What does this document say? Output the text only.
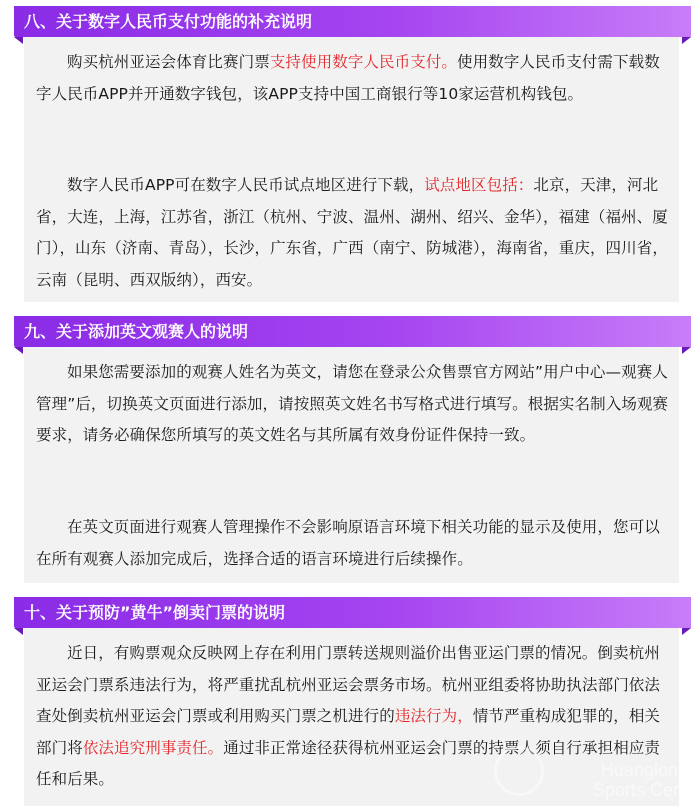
八、关于数字人民币支付功能的补充说明

购买杭州亚运会体育比赛门票支持使用数字人民币支付。使用数字人民币支付需下载数字人民币APP并开通数字钱包，该APP支持中国工商银行等10家运营机构钱包。

数字人民币APP可在数字人民币试点地区进行下载，试点地区包括：北京，天津，河北省，大连，上海，江苏省，浙江（杭州、宁波、温州、湖州、绍兴、金华），福建（福州、厦门），山东（济南、青岛），长沙，广东省，广西（南宁、防城港），海南省，重庆，四川省，云南（昆明、西双版纳），西安。

九、关于添加英文观赛人的说明

如果您需要添加的观赛人姓名为英文，请您在登录公众售票官方网站”用户中心—观赛人管理”后，切换英文页面进行添加，请按照英文姓名书写格式进行填写。根据实名制入场观赛要求，请务必确保您所填写的英文姓名与其所属有效身份证件保持一致。

在英文页面进行观赛人管理操作不会影响原语言环境下相关功能的显示及使用，您可以在所有观赛人添加完成后，选择合适的语言环境进行后续操作。

十、关于预防”黄牛”倒卖门票的说明

近日，有购票观众反映网上存在利用门票转送规则溢价出售亚运门票的情况。倒卖杭州亚运会门票系违法行为，将严重扰乱杭州亚运会票务市场。杭州亚组委将协助执法部门依法查处倒卖杭州亚运会门票或利用购买门票之机进行的违法行为，情节严重构成犯罪的，相关部门将依法追究刑事责任。通过非正常途径获得杭州亚运会门票的持票人须自行承担相应责任和后果。	Huanglong
Sports Cent
